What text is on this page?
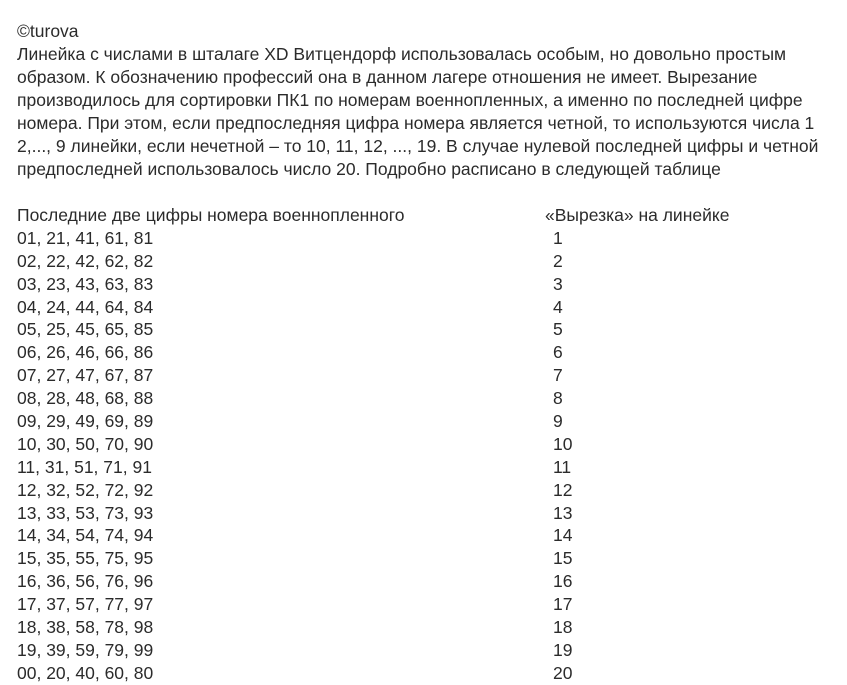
©turova
Линейка с числами в шталаге XD Витцендорф использовалась особым, но довольно простым
образом. К обозначению профессий она в данном лагере отношения не имеет. Вырезание
производилось для сортировки ПК1 по номерам военнопленных, а именно по последней цифре
номера. При этом, если предпоследняя цифра номера является четной, то используются числа 1
2,..., 9 линейки, если нечетной – то 10, 11, 12, ..., 19. В случае нулевой последней цифры и четной
предпоследней использовалось число 20. Подробно расписано в следующей таблице
Последние две цифры номера военнопленного	«Вырезка» на линейке
01, 21, 41, 61, 81	1
02, 22, 42, 62, 82	2
03, 23, 43, 63, 83	3
04, 24, 44, 64, 84	4
05, 25, 45, 65, 85	5
06, 26, 46, 66, 86	6
07, 27, 47, 67, 87	7
08, 28, 48, 68, 88	8
09, 29, 49, 69, 89	9
10, 30, 50, 70, 90	10
11, 31, 51, 71, 91	11
12, 32, 52, 72, 92	12
13, 33, 53, 73, 93	13
14, 34, 54, 74, 94	14
15, 35, 55, 75, 95	15
16, 36, 56, 76, 96	16
17, 37, 57, 77, 97	17
18, 38, 58, 78, 98	18
19, 39, 59, 79, 99	19
00, 20, 40, 60, 80	20
